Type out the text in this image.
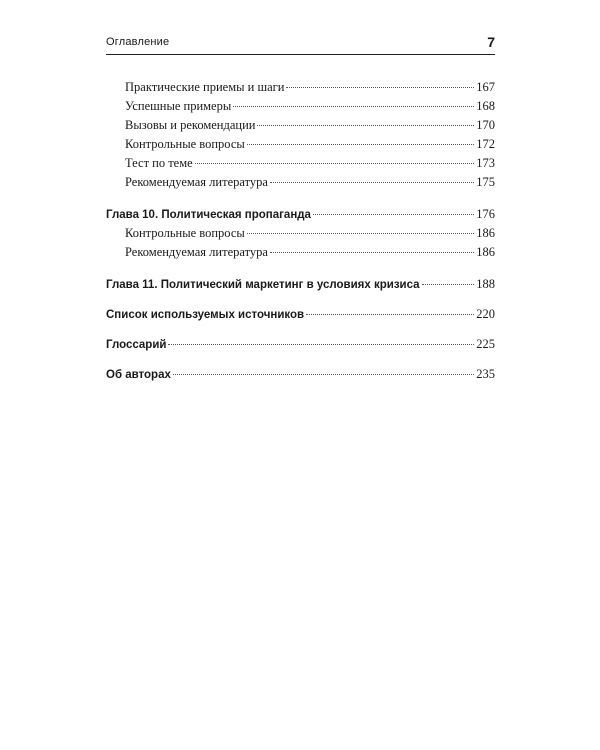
Оглавление	7
Практические приемы и шаги	167
Успешные примеры	168
Вызовы и рекомендации	170
Контрольные вопросы	172
Тест по теме	173
Рекомендуемая литература	175
Глава 10. Политическая пропаганда	176
Контрольные вопросы	186
Рекомендуемая литература	186
Глава 11. Политический маркетинг в условиях кризиса	188
Список используемых источников	220
Глоссарий	225
Об авторах	235
